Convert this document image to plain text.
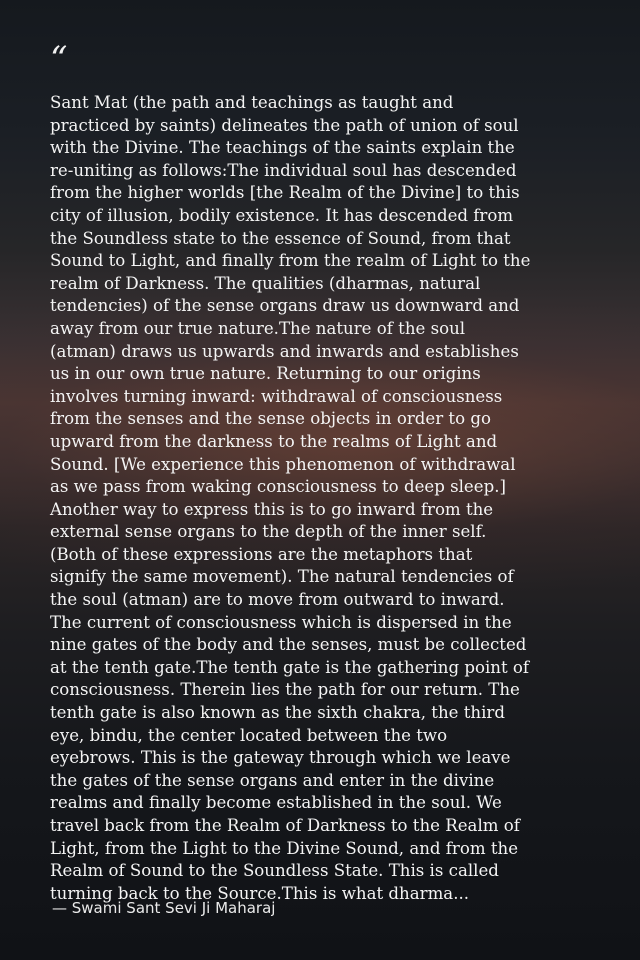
“

Sant Mat (the path and teachings as taught and
practiced by saints) delineates the path of union of soul
with the Divine. The teachings of the saints explain the
re-uniting as follows:The individual soul has descended
from the higher worlds [the Realm of the Divine] to this
city of illusion, bodily existence. It has descended from
the Soundless state to the essence of Sound, from that
Sound to Light, and finally from the realm of Light to the
realm of Darkness. The qualities (dharmas, natural
tendencies) of the sense organs draw us downward and
away from our true nature.The nature of the soul
(atman) draws us upwards and inwards and establishes
us in our own true nature. Returning to our origins
involves turning inward: withdrawal of consciousness
from the senses and the sense objects in order to go
upward from the darkness to the realms of Light and
Sound. [We experience this phenomenon of withdrawal
as we pass from waking consciousness to deep sleep.]
Another way to express this is to go inward from the
external sense organs to the depth of the inner self.
(Both of these expressions are the metaphors that
signify the same movement). The natural tendencies of
the soul (atman) are to move from outward to inward.
The current of consciousness which is dispersed in the
nine gates of the body and the senses, must be collected
at the tenth gate.The tenth gate is the gathering point of
consciousness. Therein lies the path for our return. The
tenth gate is also known as the sixth chakra, the third
eye, bindu, the center located between the two
eyebrows. This is the gateway through which we leave
the gates of the sense organs and enter in the divine
realms and finally become established in the soul. We
travel back from the Realm of Darkness to the Realm of
Light, from the Light to the Divine Sound, and from the
Realm of Sound to the Soundless State. This is called
turning back to the Source.This is what dharma...

— Swami Sant Sevi Ji Maharaj
